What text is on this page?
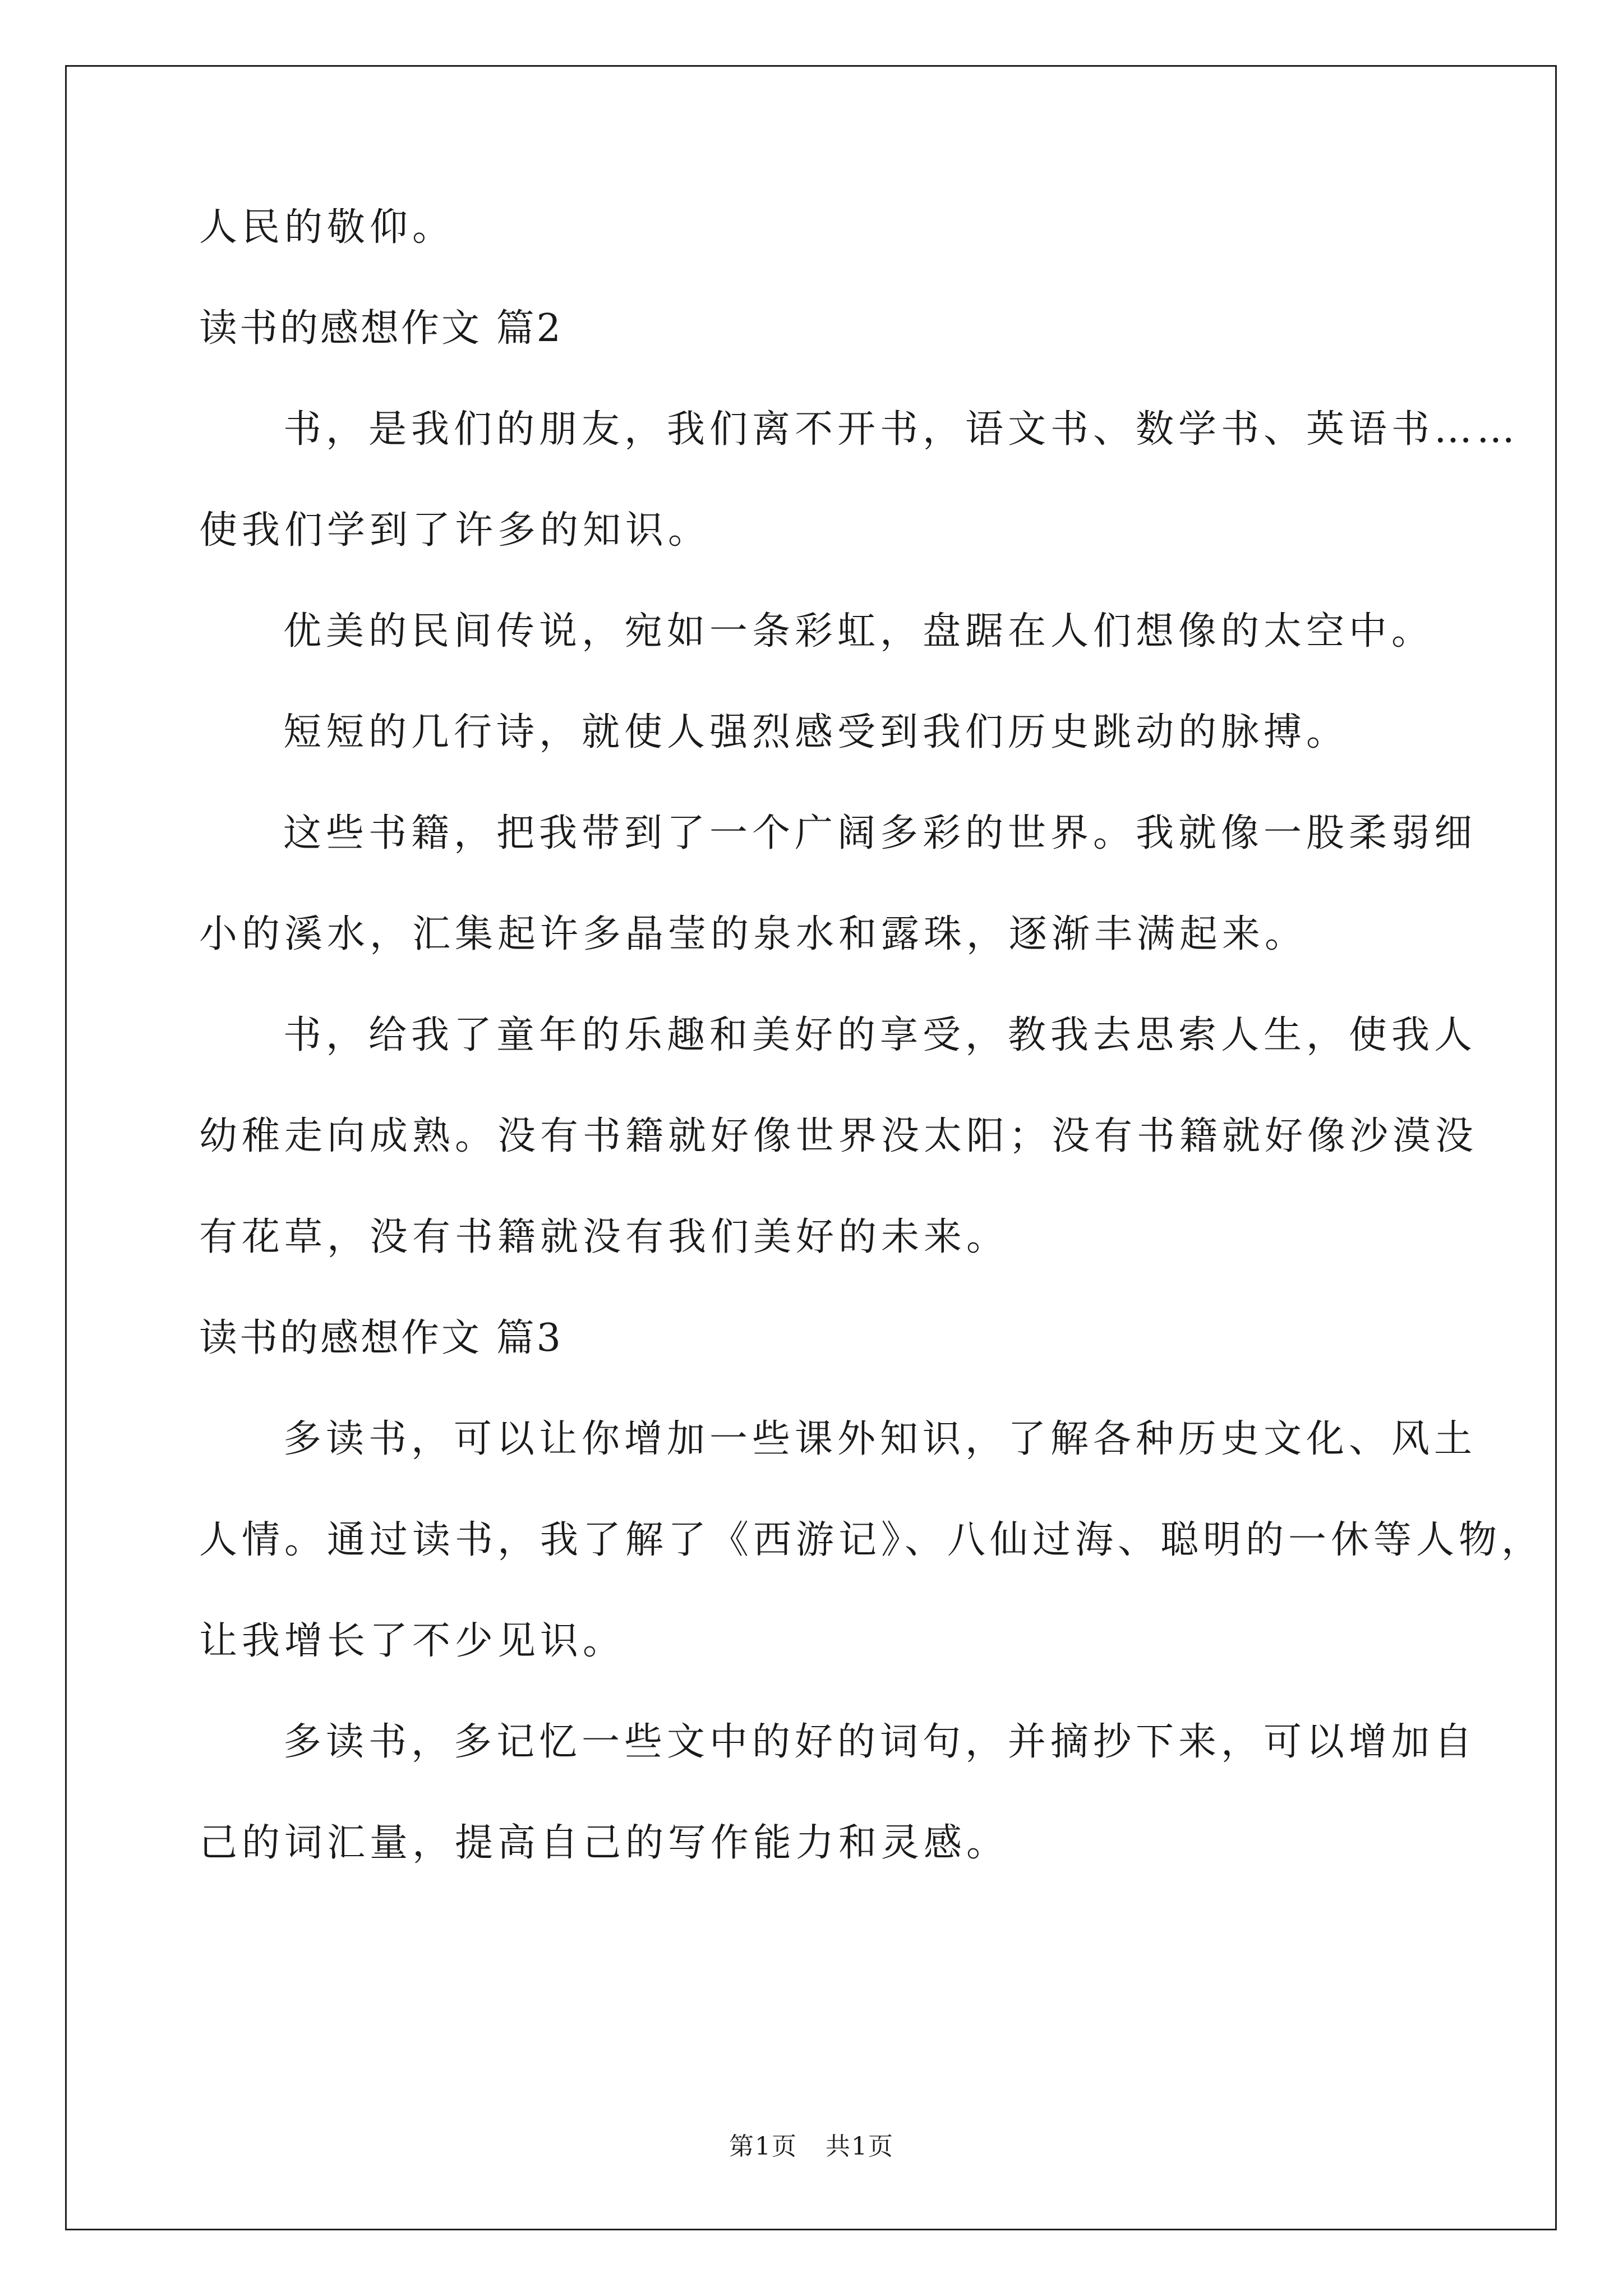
人民的敬仰。
读书的感想作文 篇2
书，是我们的朋友，我们离不开书，语文书、数学书、英语书……
使我们学到了许多的知识。
优美的民间传说，宛如一条彩虹，盘踞在人们想像的太空中。
短短的几行诗，就使人强烈感受到我们历史跳动的脉搏。
这些书籍，把我带到了一个广阔多彩的世界。我就像一股柔弱细
小的溪水，汇集起许多晶莹的泉水和露珠，逐渐丰满起来。
书，给我了童年的乐趣和美好的享受，教我去思索人生，使我人
幼稚走向成熟。没有书籍就好像世界没太阳；没有书籍就好像沙漠没
有花草，没有书籍就没有我们美好的未来。
读书的感想作文 篇3
多读书，可以让你增加一些课外知识，了解各种历史文化、风土
人情。通过读书，我了解了《西游记》、八仙过海、聪明的一休等人物，
让我增长了不少见识。
多读书，多记忆一些文中的好的词句，并摘抄下来，可以增加自
己的词汇量，提高自己的写作能力和灵感。
第1页 共1页
